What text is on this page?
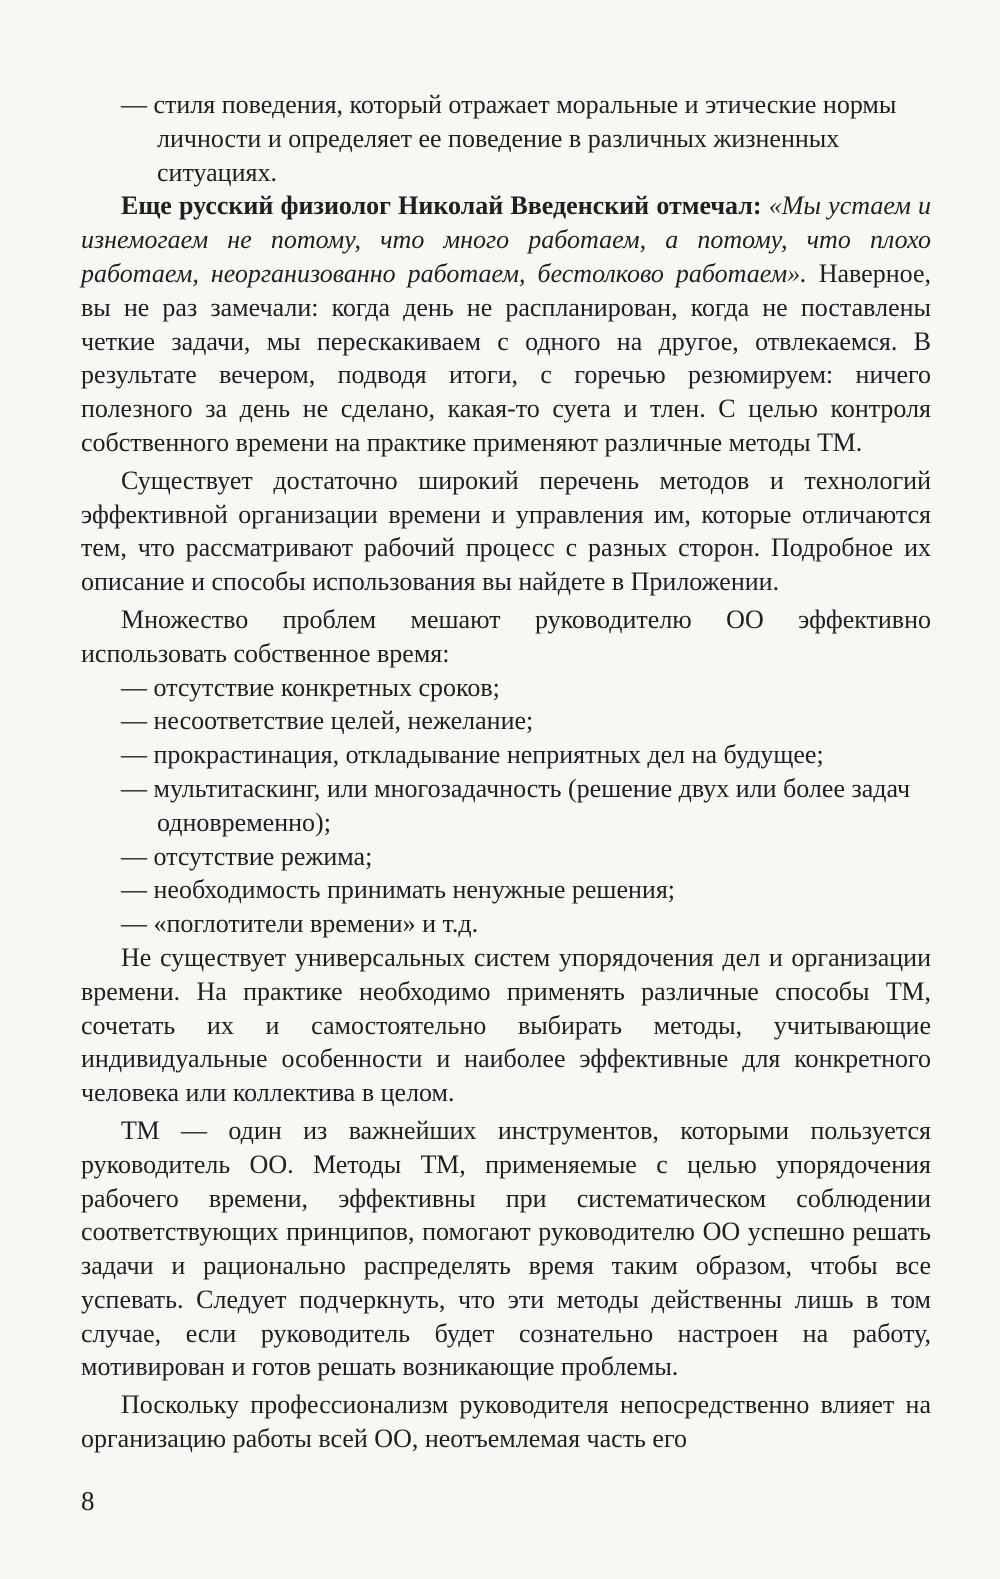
— стиля поведения, который отражает моральные и этические нормы личности и определяет ее поведение в различных жизненных ситуациях.

Еще русский физиолог Николай Введенский отмечал: «Мы устаем и изнемогаем не потому, что много работаем, а потому, что плохо работаем, неорганизованно работаем, бестолково работаем». Наверное, вы не раз замечали: когда день не распланирован, когда не поставлены четкие задачи, мы перескакиваем с одного на другое, отвлекаемся. В результате вечером, подводя итоги, с горечью резюмируем: ничего полезного за день не сделано, какая-то суета и тлен. С целью контроля собственного времени на практике применяют различные методы ТМ.

Существует достаточно широкий перечень методов и технологий эффективной организации времени и управления им, которые отличаются тем, что рассматривают рабочий процесс с разных сторон. Подробное их описание и способы использования вы найдете в Приложении.

Множество проблем мешают руководителю ОО эффективно использовать собственное время:

— отсутствие конкретных сроков;
— несоответствие целей, нежелание;
— прокрастинация, откладывание неприятных дел на будущее;
— мультитаскинг, или многозадачность (решение двух или более задач одновременно);
— отсутствие режима;
— необходимость принимать ненужные решения;
— «поглотители времени» и т.д.

Не существует универсальных систем упорядочения дел и организации времени. На практике необходимо применять различные способы ТМ, сочетать их и самостоятельно выбирать методы, учитывающие индивидуальные особенности и наиболее эффективные для конкретного человека или коллектива в целом.

ТМ — один из важнейших инструментов, которыми пользуется руководитель ОО. Методы ТМ, применяемые с целью упорядочения рабочего времени, эффективны при систематическом соблюдении соответствующих принципов, помогают руководителю ОО успешно решать задачи и рационально распределять время таким образом, чтобы все успевать. Следует подчеркнуть, что эти методы действенны лишь в том случае, если руководитель будет сознательно настроен на работу, мотивирован и готов решать возникающие проблемы.

Поскольку профессионализм руководителя непосредственно влияет на организацию работы всей ОО, неотъемлемая часть его

8
